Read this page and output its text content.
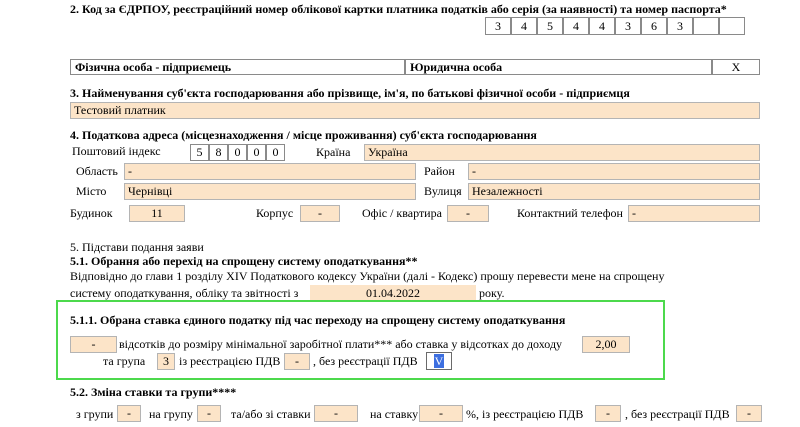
2. Код за ЄДРПОУ, реєстраційний номер облікової картки платника податків або серія (за наявності) та номер паспорта*
3	4	5	4	4	3	6	3
Фізична особа - підприємець	Юридична особа	X
3. Найменування суб'єкта господарювання або прізвище, ім'я, по батькові фізичної особи - підприємця
Тестовий платник
4. Податкова адреса (місцезнаходження / місце проживання) суб'єкта господарювання
Поштовий індекс	5	8	0	0	0	Країна	Україна
Область -	Район	-
Місто	Чернівці	Вулиця Незалежності
Будинок	11	Корпус	-	Офіс / квартира	-	Контактний телефон -
5. Підстави подання заяви
5.1. Обрання або перехід на спрощену систему оподаткування**
Відповідно до глави 1 розділу XIV Податкового кодексу України (далі - Кодекс) прошу перевести мене на спрощену
систему оподаткування, обліку та звітності з	01.04.2022	року.
5.1.1. Обрана ставка єдиного податку під час переходу на спрощену систему оподаткування
-	відсотків до розміру мінімальної заробітної плати*** або ставка у відсотках до доходу	2,00
та група	3 із реєстрацією ПДВ	-	, без реєстрації ПДВ	V
5.2. Зміна ставки та групи****
з групи	-	на групу	-	та/або зі ставки	-	на ставку	-	%, із реєстрацією ПДВ	-	, без реєстрації ПДВ	-
